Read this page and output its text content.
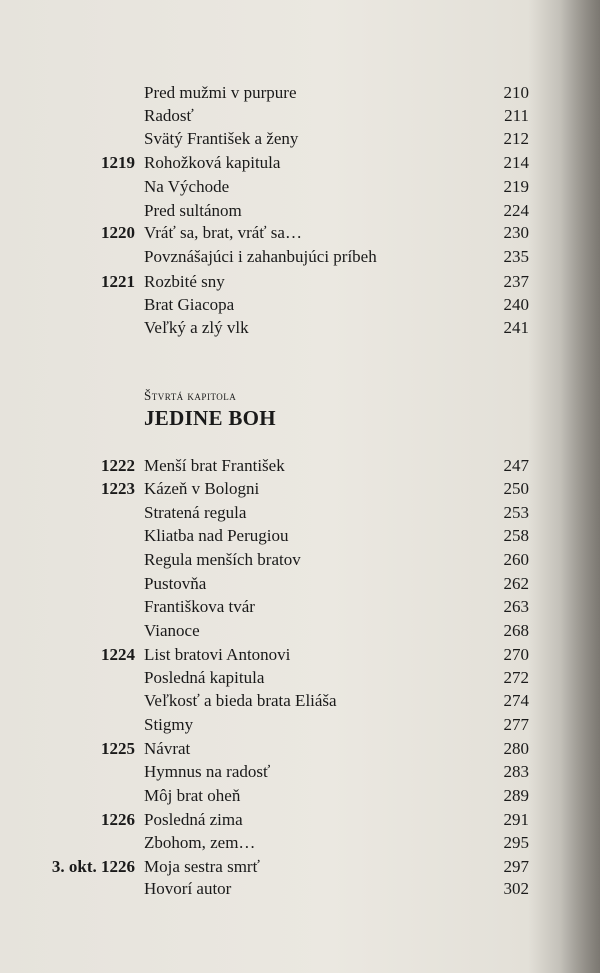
Pred mužmi v purpure	210
Radosť	211
Svätý František a ženy	212
1219 Rohožková kapitula	214
Na Východe	219
Pred sultánom	224
1220 Vráť sa, brat, vráť sa…	230
Povznášajúci i zahanbujúci príbeh	235
1221 Rozbité sny	237
Brat Giacopa	240
Veľký a zlý vlk	241
Štvrtá kapitola
JEDINE BOH
1222 Menší brat František	247
1223 Kázeň v Bologni	250
Stratená regula	253
Kliatba nad Perugiou	258
Regula menších bratov	260
Pustovňa	262
Františkova tvár	263
Vianoce	268
1224 List bratovi Antonovi	270
Posledná kapitula	272
Veľkosť a bieda brata Eliáša	274
Stigmy	277
1225 Návrat	280
Hymnus na radosť	283
Môj brat oheň	289
1226 Posledná zima	291
Zbohom, zem…	295
3. okt. 1226 Moja sestra smrť	297
Hovorí autor	302
